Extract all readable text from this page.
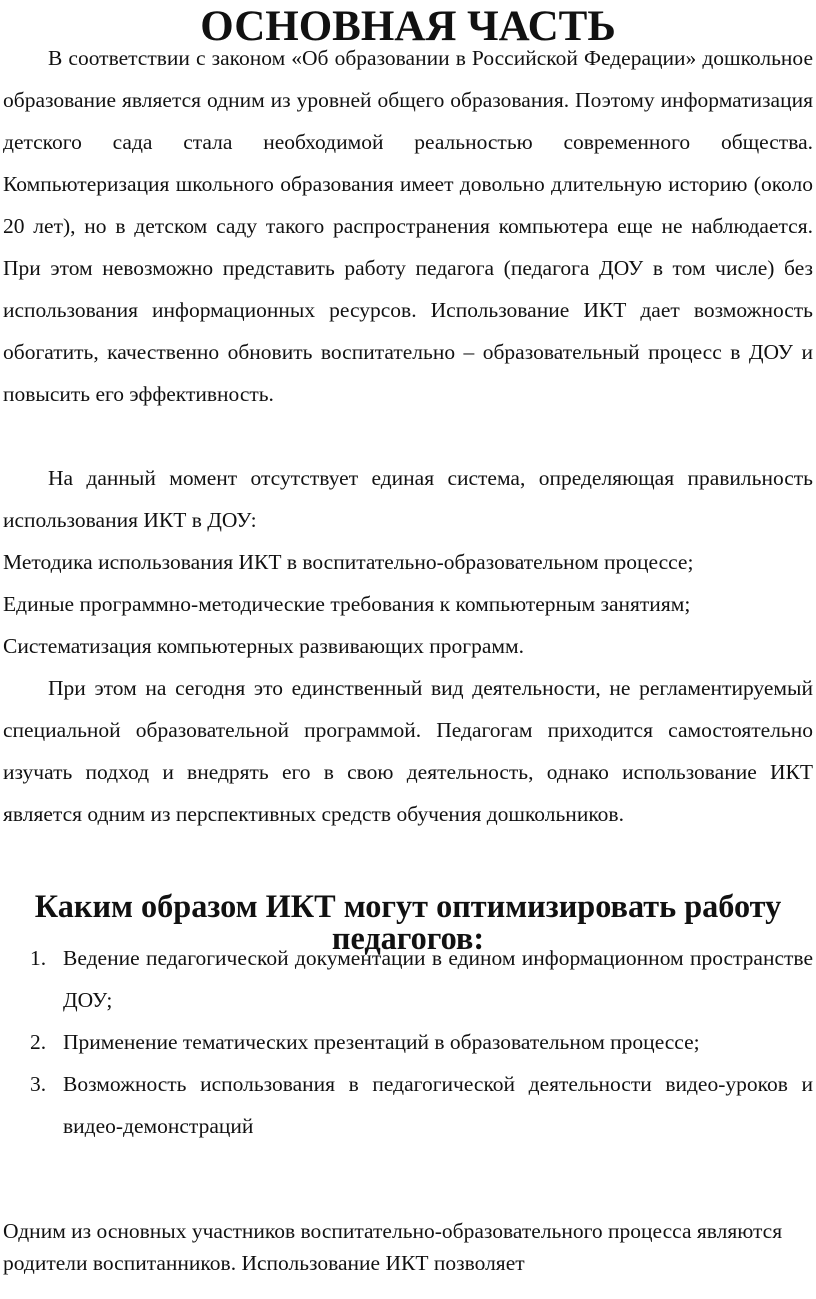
ОСНОВНАЯ ЧАСТЬ

В соответствии с законом «Об образовании в Российской Федерации» дошкольное образование является одним из уровней общего образования. Поэтому информатизация детского сада стала необходимой реальностью современного общества. Компьютеризация школьного образования имеет довольно длительную историю (около 20 лет), но в детском саду такого распространения компьютера еще не наблюдается. При этом невозможно представить работу педагога (педагога ДОУ в том числе) без использования информационных ресурсов. Использование ИКТ дает возможность обогатить, качественно обновить воспитательно – образовательный процесс в ДОУ и повысить его эффективность.

На данный момент отсутствует единая система, определяющая правильность использования ИКТ в ДОУ:

Методика использования ИКТ в воспитательно-образовательном процессе;

Единые программно-методические требования к компьютерным занятиям;

Систематизация компьютерных развивающих программ.

При этом на сегодня это единственный вид деятельности, не регламентируемый специальной образовательной программой. Педагогам приходится самостоятельно изучать подход и внедрять его в свою деятельность, однако использование ИКТ является одним из перспективных средств обучения дошкольников.

Каким образом ИКТ могут оптимизировать работу педагогов:
1. Ведение педагогической документации в едином информационном пространстве ДОУ;
2. Применение тематических презентаций в образовательном процессе;
3. Возможность использования в педагогической деятельности видео-уроков и видео-демонстраций

Одним из основных участников воспитательно-образовательного процесса являются родители воспитанников. Использование ИКТ позволяет
